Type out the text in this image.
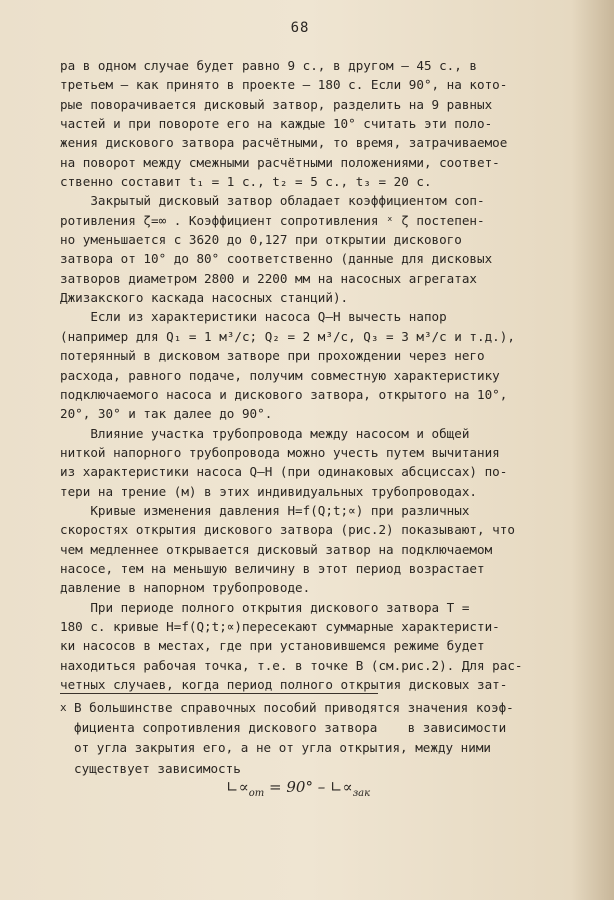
68
ра в одном случае будет равно 9 с., в другом – 45 с., в
третьем – как принято в проекте – 180 с. Если 90°, на кото-
рые поворачивается дисковый затвор, разделить на 9 равных
частей и при повороте его на каждые 10° считать эти поло-
жения дискового затвора расчётными, то время, затрачиваемое
на поворот между смежными расчётными положениями, соответ-
ственно составит t₁ = 1 с., t₂ = 5 с., t₃ = 20 с.
Закрытый дисковый затвор обладает коэффициентом соп-
ротивления ζ=∞ . Коэффициент сопротивления ˣ ζ постепен-
но уменьшается с 3620 до 0,127 при открытии дискового
затвора от 10° до 80° соответственно (данные для дисковых
затворов диаметром 2800 и 2200 мм на насосных агрегатах
Джизакского каскада насосных станций).
Если из характеристики насоса Q–H вычесть напор
(например для Q₁ = 1 м³/с; Q₂ = 2 м³/с, Q₃ = 3 м³/с и т.д.),
потерянный в дисковом затворе при прохождении через него
расхода, равного подаче, получим совместную характеристику
подключаемого насоса и дискового затвора, открытого на 10°,
20°, 30° и так далее до 90°.
Влияние участка трубопровода между насосом и общей
ниткой напорного трубопровода можно учесть путем вычитания
из характеристики насоса Q–H (при одинаковых абсциссах) по-
тери на трение (м) в этих индивидуальных трубопроводах.
Кривые изменения давления H=f(Q;t;∝) при различных
скоростях открытия дискового затвора (рис.2) показывают, что
чем медленнее открывается дисковый затвор на подключаемом
насосе, тем на меньшую величину в этот период возрастает
давление в напорном трубопроводе.
При периоде полного открытия дискового затвора T =
180 с. кривые H=f(Q;t;∝)пересекают суммарные характеристи-
ки насосов в местах, где при установившемся режиме будет
находиться рабочая точка, т.е. в точке В (см.рис.2). Для рас-
четных случаев, когда период полного открытия дисковых зат-
x В большинстве справочных пособий приводятся значения коэф-
фициента сопротивления дискового затвора    в зависимости
от угла закрытия его, а не от угла открытия, между ними
существует зависимость
$∟\propto_{от} = 90^\circ$ – $∟\propto_{зак}$
